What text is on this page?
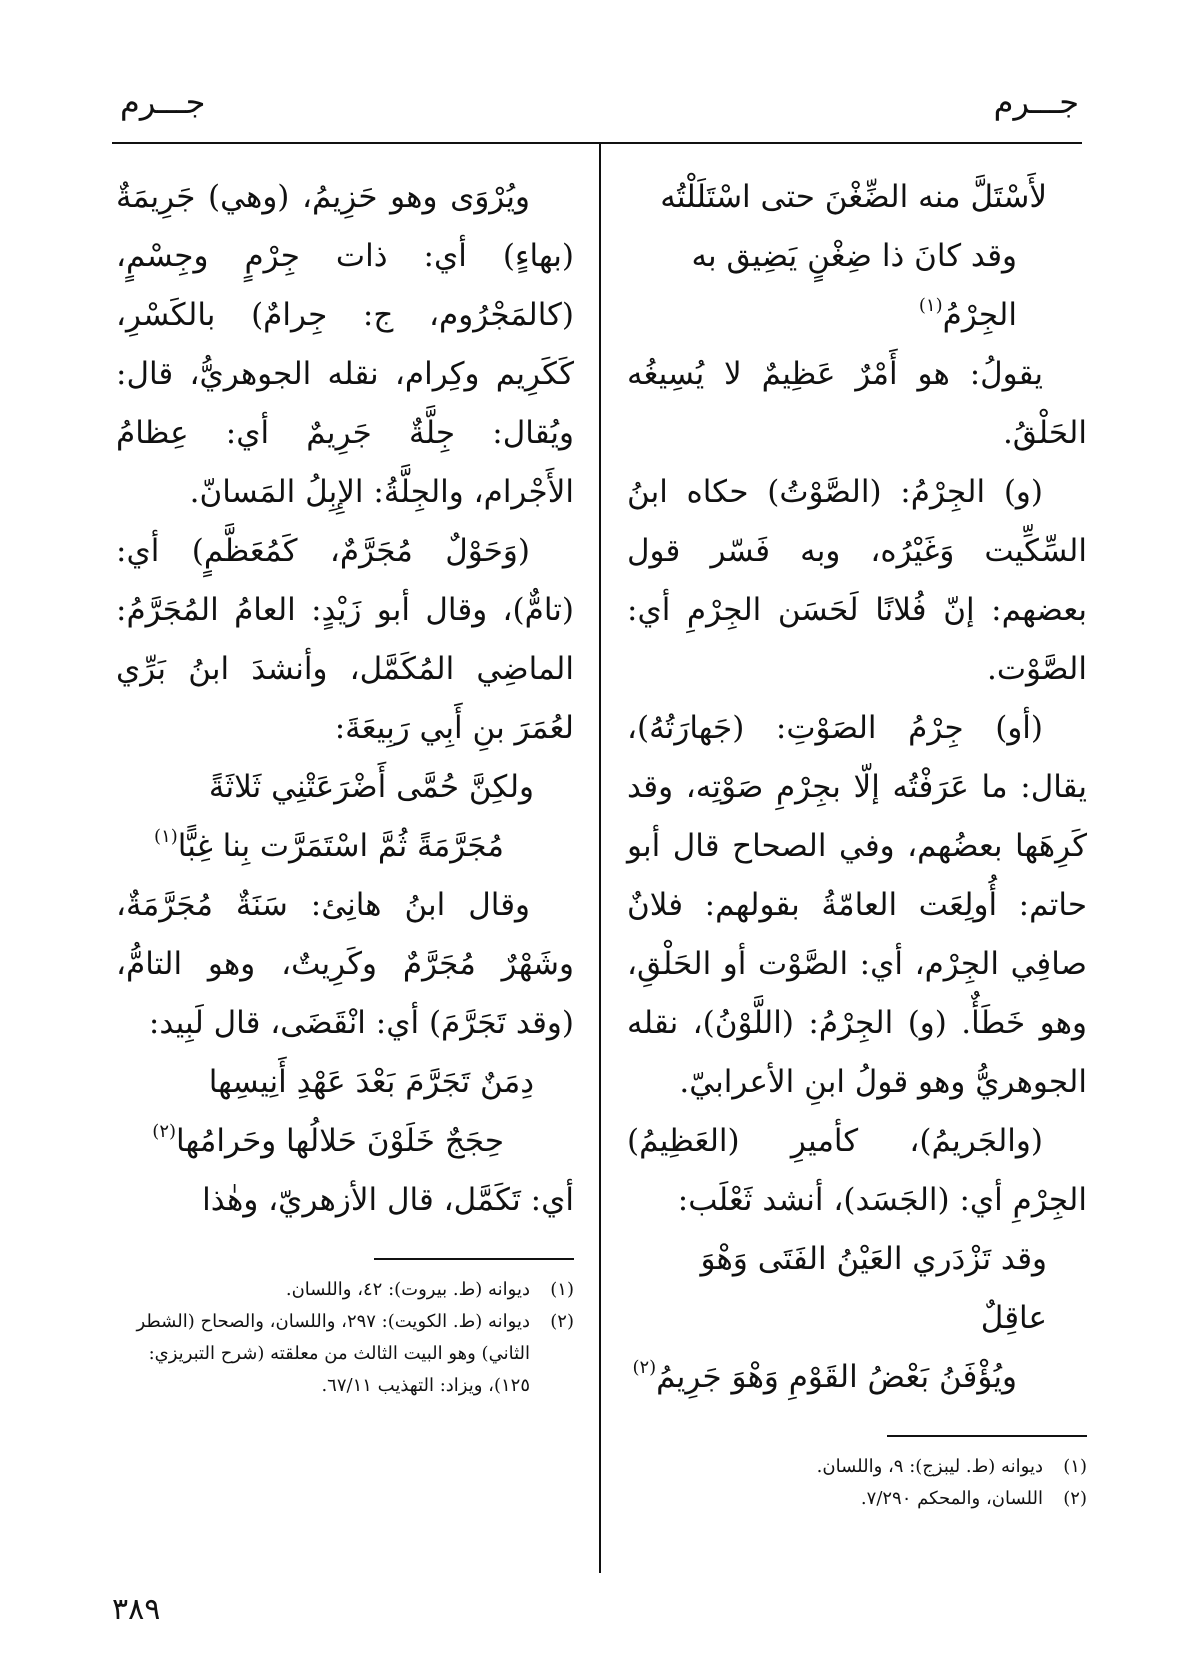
جـــرم
جـــرم

لأَسْتَلَّ منه الضِّغْنَ حتى اسْتَلَلْتُه

وقد كانَ ذا ضِغْنٍ يَضِيق به الجِرْمُ$^{(١)}$

يقولُ: هو أَمْرٌ عَظِيمٌ لا يُسِيغُه الحَلْقُ.

(و) الجِرْمُ: (الصَّوْتُ) حكاه ابنُ السِّكِّيت وَغَيْرُه، وبه فَسّر قول بعضهم: إنّ فُلانًا لَحَسَن الجِرْمِ أي: الصَّوْت.

(أو) جِرْمُ الصَوْتِ: (جَهارَتُهُ)، يقال: ما عَرَفْتُه إلّا بجِرْمِ صَوْتِه، وقد كَرِهَها بعضُهم، وفي الصحاح قال أبو حاتم: أُولِعَت العامّةُ بقولهم: فلانٌ صافِي الجِرْم، أي: الصَّوْت أو الحَلْقِ، وهو خَطَأٌ. (و) الجِرْمُ: (اللَّوْنُ)، نقله الجوهريُّ وهو قولُ ابنِ الأعرابيّ.

(والجَريمُ)، كأميرِ (العَظِيمُ) الجِرْمِ أي: (الجَسَد)، أنشد ثَعْلَب:

وقد تَزْدَري العَيْنُ الفَتَى وَهْوَ عاقِلٌ

ويُؤْفَنُ بَعْضُ القَوْمِ وَهْوَ جَرِيمُ$^{(٢)}$

(١)
ديوانه (ط. ليبزج): ٩، واللسان.

(٢)
اللسان، والمحكم ٧/٢٩٠.

ويُرْوَى وهو حَزِيمُ، (وهي) جَرِيمَةٌ (بهاءٍ) أي: ذات جِرْمٍ وجِسْمٍ، (كالمَجْرُوم، ج: جِرامٌ) بالكَسْرِ، كَكَرِيم وكِرام، نقله الجوهريُّ، قال: ويُقال: جِلَّةٌ جَرِيمٌ أي: عِظامُ الأَجْرام، والجِلَّةُ: الإِبِلُ المَسانّ.

(وَحَوْلٌ مُجَرَّمٌ، كَمُعَظَّمٍ) أي: (تامٌّ)، وقال أبو زَيْدٍ: العامُ المُجَرَّمُ: الماضِي المُكَمَّل، وأنشدَ ابنُ بَرِّي لعُمَرَ بنِ أَبِي رَبِيعَةَ:

ولكِنَّ حُمَّى أَضْرَعَتْنِي ثَلاثَةً

مُجَرَّمَةً ثُمَّ اسْتَمَرَّت بِنا غِبًّا$^{(١)}$

وقال ابنُ هانِئ: سَنَةٌ مُجَرَّمَةٌ، وشَهْرٌ مُجَرَّمٌ وكَرِيتٌ، وهو التامُّ، (وقد تَجَرَّمَ) أي: انْقَضَى، قال لَبِيد:

دِمَنٌ تَجَرَّمَ بَعْدَ عَهْدِ أَنِيسِها

حِجَجٌ خَلَوْنَ حَلالُها وحَرامُها$^{(٢)}$

أي: تَكَمَّل، قال الأزهريّ، وهٰذا

(١)
ديوانه (ط. بيروت): ٤٢، واللسان.

(٢)
ديوانه (ط. الكويت): ٢٩٧، واللسان، والصحاح (الشطر الثاني) وهو البيت الثالث من معلقته (شرح التبريزي: ١٢٥)، ويزاد: التهذيب ٦٧/١١.

٣٨٩
